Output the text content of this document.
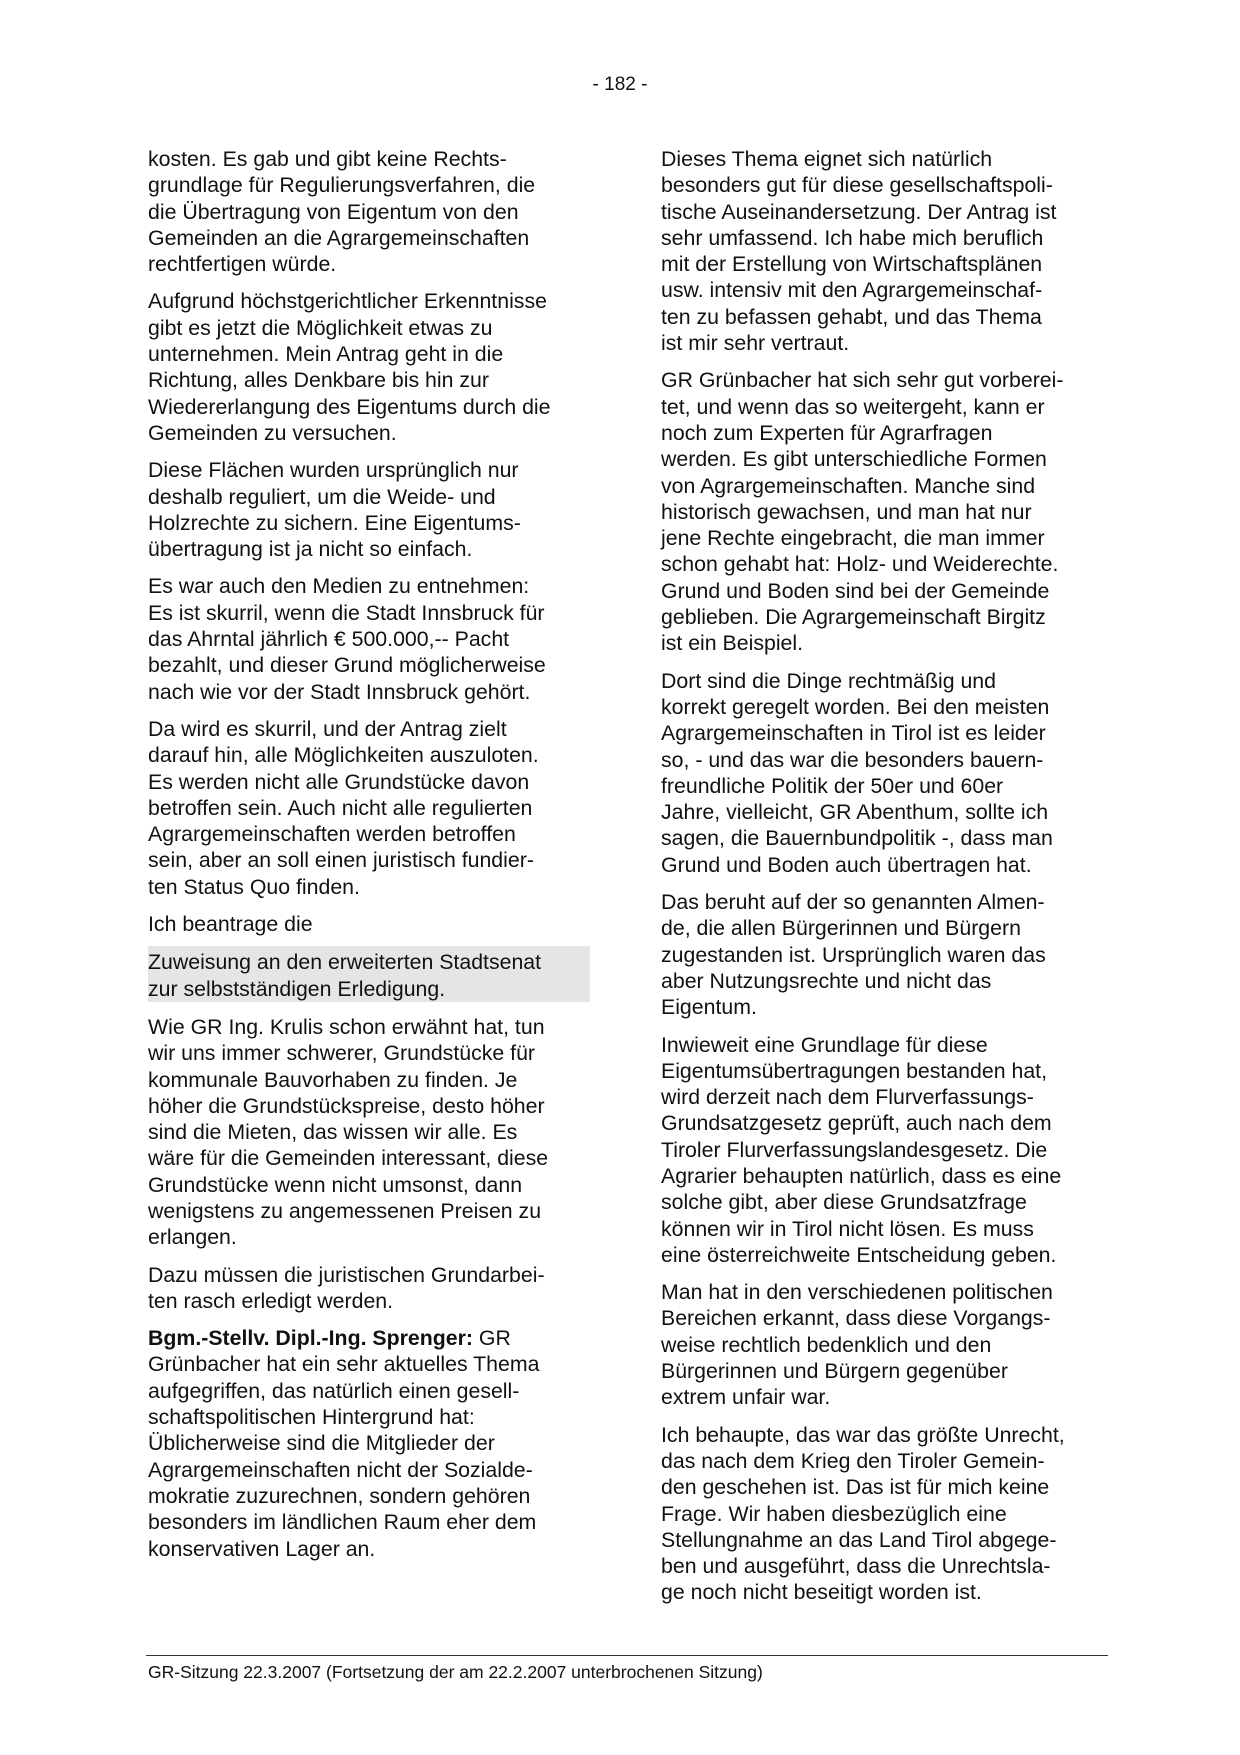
- 182 -

kosten. Es gab und gibt keine Rechts-
grundlage für Regulierungsverfahren, die
die Übertragung von Eigentum von den
Gemeinden an die Agrargemeinschaften
rechtfertigen würde.

Aufgrund höchstgerichtlicher Erkenntnisse
gibt es jetzt die Möglichkeit etwas zu
unternehmen. Mein Antrag geht in die
Richtung, alles Denkbare bis hin zur
Wiedererlangung des Eigentums durch die
Gemeinden zu versuchen.

Diese Flächen wurden ursprünglich nur
deshalb reguliert, um die Weide- und
Holzrechte zu sichern. Eine Eigentums-
übertragung ist ja nicht so einfach.

Es war auch den Medien zu entnehmen:
Es ist skurril, wenn die Stadt Innsbruck für
das Ahrntal jährlich € 500.000,-- Pacht
bezahlt, und dieser Grund möglicherweise
nach wie vor der Stadt Innsbruck gehört.

Da wird es skurril, und der Antrag zielt
darauf hin, alle Möglichkeiten auszuloten.
Es werden nicht alle Grundstücke davon
betroffen sein. Auch nicht alle regulierten
Agrargemeinschaften werden betroffen
sein, aber an soll einen juristisch fundier-
ten Status Quo finden.

Ich beantrage die

Zuweisung an den erweiterten Stadtsenat
zur selbstständigen Erledigung.

Wie GR Ing. Krulis schon erwähnt hat, tun
wir uns immer schwerer, Grundstücke für
kommunale Bauvorhaben zu finden. Je
höher die Grundstückspreise, desto höher
sind die Mieten, das wissen wir alle. Es
wäre für die Gemeinden interessant, diese
Grundstücke wenn nicht umsonst, dann
wenigstens zu angemessenen Preisen zu
erlangen.

Dazu müssen die juristischen Grundarbei-
ten rasch erledigt werden.

Bgm.-Stellv. Dipl.-Ing. Sprenger: GR
Grünbacher hat ein sehr aktuelles Thema
aufgegriffen, das natürlich einen gesell-
schaftspolitischen Hintergrund hat:
Üblicherweise sind die Mitglieder der
Agrargemeinschaften nicht der Sozialde-
mokratie zuzurechnen, sondern gehören
besonders im ländlichen Raum eher dem
konservativen Lager an.

Dieses Thema eignet sich natürlich
besonders gut für diese gesellschaftspoli-
tische Auseinandersetzung. Der Antrag ist
sehr umfassend. Ich habe mich beruflich
mit der Erstellung von Wirtschaftsplänen
usw. intensiv mit den Agrargemeinschaf-
ten zu befassen gehabt, und das Thema
ist mir sehr vertraut.

GR Grünbacher hat sich sehr gut vorberei-
tet, und wenn das so weitergeht, kann er
noch zum Experten für Agrarfragen
werden. Es gibt unterschiedliche Formen
von Agrargemeinschaften. Manche sind
historisch gewachsen, und man hat nur
jene Rechte eingebracht, die man immer
schon gehabt hat: Holz- und Weiderechte.
Grund und Boden sind bei der Gemeinde
geblieben. Die Agrargemeinschaft Birgitz
ist ein Beispiel.

Dort sind die Dinge rechtmäßig und
korrekt geregelt worden. Bei den meisten
Agrargemeinschaften in Tirol ist es leider
so, - und das war die besonders bauern-
freundliche Politik der 50er und 60er
Jahre, vielleicht, GR Abenthum, sollte ich
sagen, die Bauernbundpolitik -, dass man
Grund und Boden auch übertragen hat.

Das beruht auf der so genannten Almen-
de, die allen Bürgerinnen und Bürgern
zugestanden ist. Ursprünglich waren das
aber Nutzungsrechte und nicht das
Eigentum.

Inwieweit eine Grundlage für diese
Eigentumsübertragungen bestanden hat,
wird derzeit nach dem Flurverfassungs-
Grundsatzgesetz geprüft, auch nach dem
Tiroler Flurverfassungslandesgesetz. Die
Agrarier behaupten natürlich, dass es eine
solche gibt, aber diese Grundsatzfrage
können wir in Tirol nicht lösen. Es muss
eine österreichweite Entscheidung geben.

Man hat in den verschiedenen politischen
Bereichen erkannt, dass diese Vorgangs-
weise rechtlich bedenklich und den
Bürgerinnen und Bürgern gegenüber
extrem unfair war.

Ich behaupte, das war das größte Unrecht,
das nach dem Krieg den Tiroler Gemein-
den geschehen ist. Das ist für mich keine
Frage. Wir haben diesbezüglich eine
Stellungnahme an das Land Tirol abgege-
ben und ausgeführt, dass die Unrechtsla-
ge noch nicht beseitigt worden ist.

GR-Sitzung 22.3.2007 (Fortsetzung der am 22.2.2007 unterbrochenen Sitzung)
